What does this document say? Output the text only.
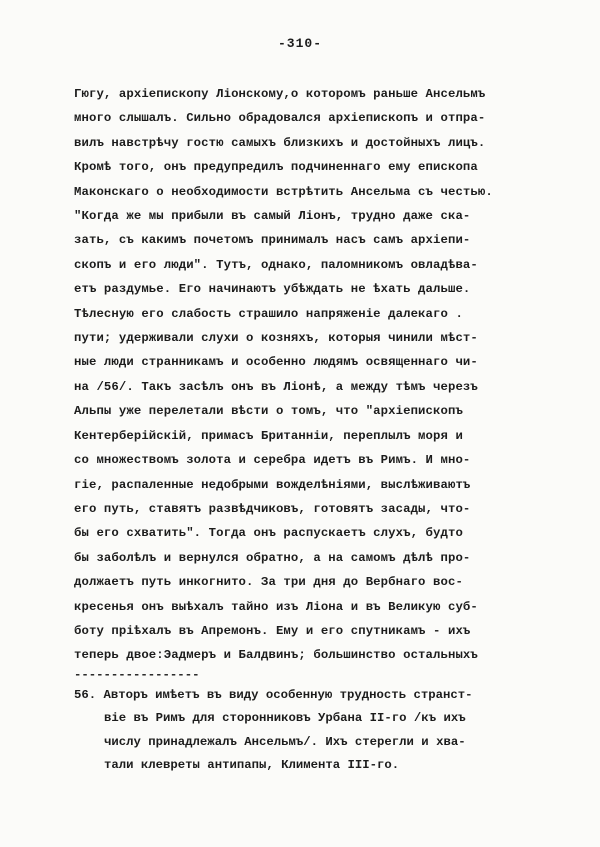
-310-
Гюгу, архіепископу Ліонскому,о которомъ раньше Ансельмъ
много слышалъ. Сильно обрадовался архіепископъ и отпра-
вилъ навстрѣчу гостю самыхъ близкихъ и достойныхъ лицъ.
Кромѣ того, онъ предупредилъ подчиненнаго ему епископа
Маконскаго о необходимости встрѣтить Ансельма съ честью.
"Когда же мы прибыли въ самый Ліонъ, трудно даже ска-
зать, съ какимъ почетомъ принималъ насъ самъ архіепи-
скопъ и его люди". Тутъ, однако, паломникомъ овладѣва-
етъ раздумье. Его начинаютъ убѣждать не ѣхать дальше.
Тѣлесную его слабость страшило напряженіе далекаго .
пути; удерживали слухи о козняхъ, которыя чинили мѣст-
ные люди странникамъ и особенно людямъ освященнаго чи-
на /56/. Такъ засѣлъ онъ въ Ліонѣ, а между тѣмъ черезъ
Альпы уже перелетали вѣсти о томъ, что "архіепископъ
Кентерберійскій, примасъ Британніи, переплылъ моря и
со множествомъ золота и серебра идетъ въ Римъ. И мно-
гіе, распаленные недобрыми вожделѣніями, выслѣживаютъ
его путь, ставятъ развѣдчиковъ, готовятъ засады, что-
бы его схватить". Тогда онъ распускаетъ слухъ, будто
бы заболѣлъ и вернулся обратно, а на самомъ дѣлѣ про-
должаетъ путь инкогнито. За три дня до Вербнаго вос-
кресенья онъ выѣхалъ тайно изъ Ліона и въ Великую суб-
боту пріѣхалъ въ Апремонъ. Ему и его спутникамъ - ихъ
теперь двое:Эадмеръ и Балдвинъ; большинство остальныхъ
-----------------
56. Авторъ имѣетъ въ виду особенную трудность странст-
віе въ Римъ для сторонниковъ Урбана II-го /къ ихъ
числу принадлежалъ Ансельмъ/. Ихъ стерегли и хва-
тали клевреты антипапы, Климента III-го.
